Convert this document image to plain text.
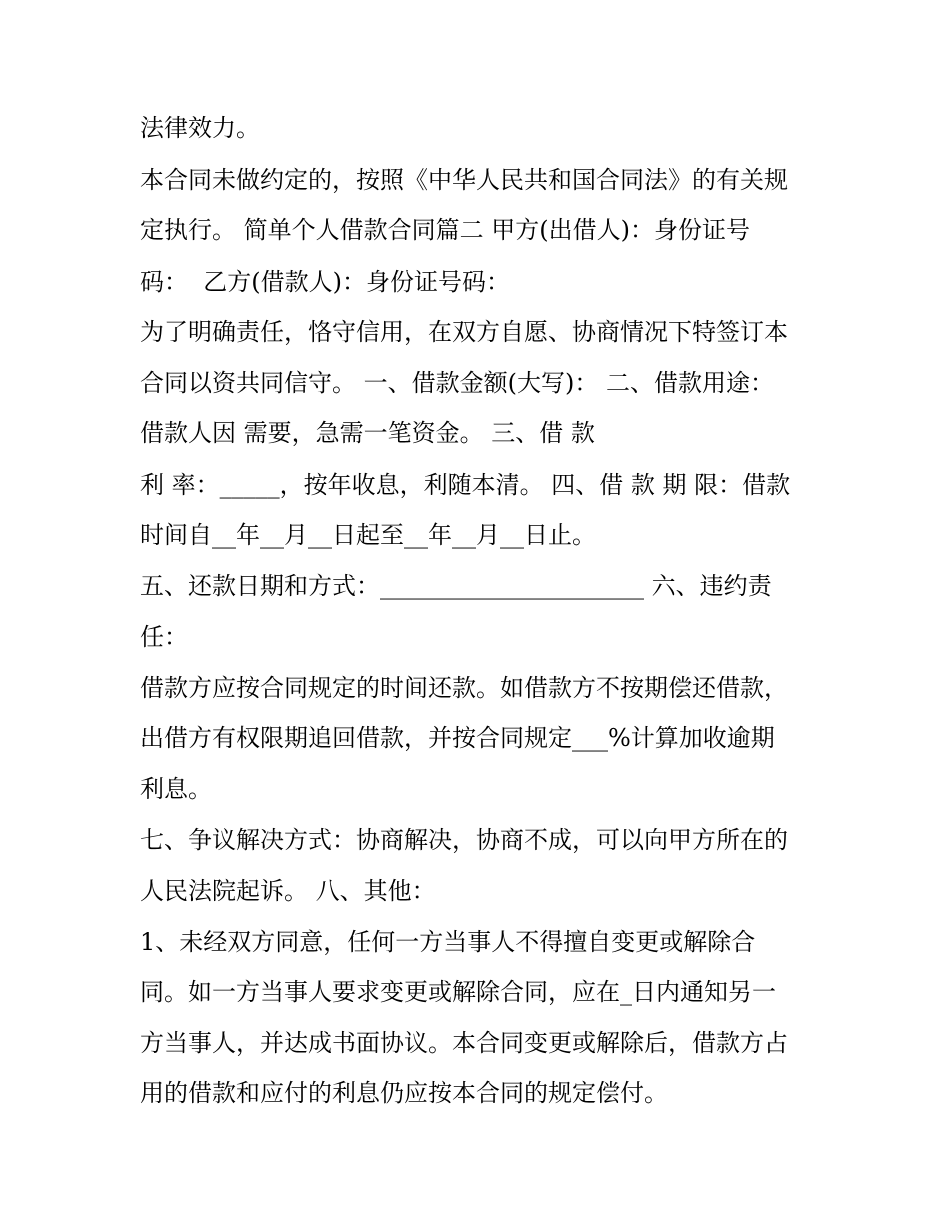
法律效力。
本合同未做约定的，按照《中华人民共和国合同法》的有关规
定执行。 简单个人借款合同篇二 甲方(出借人)：身份证号
码：  乙方(借款人)：身份证号码：
为了明确责任，恪守信用，在双方自愿、协商情况下特签订本
合同以资共同信守。 一、借款金额(大写)： 二、借款用途：
借款人因 需要，急需一笔资金。 三、借 款
利 率：_____，按年收息，利随本清。 四、借 款 期 限：借款
时间自__年__月__日起至__年__月__日止。
五、还款日期和方式：______________________ 六、违约责
任：
借款方应按合同规定的时间还款。如借款方不按期偿还借款，
出借方有权限期追回借款，并按合同规定___%计算加收逾期
利息。
七、争议解决方式：协商解决，协商不成，可以向甲方所在的
人民法院起诉。 八、其他：
1、未经双方同意，任何一方当事人不得擅自变更或解除合
同。如一方当事人要求变更或解除合同，应在_日内通知另一
方当事人，并达成书面协议。本合同变更或解除后，借款方占
用的借款和应付的利息仍应按本合同的规定偿付。
